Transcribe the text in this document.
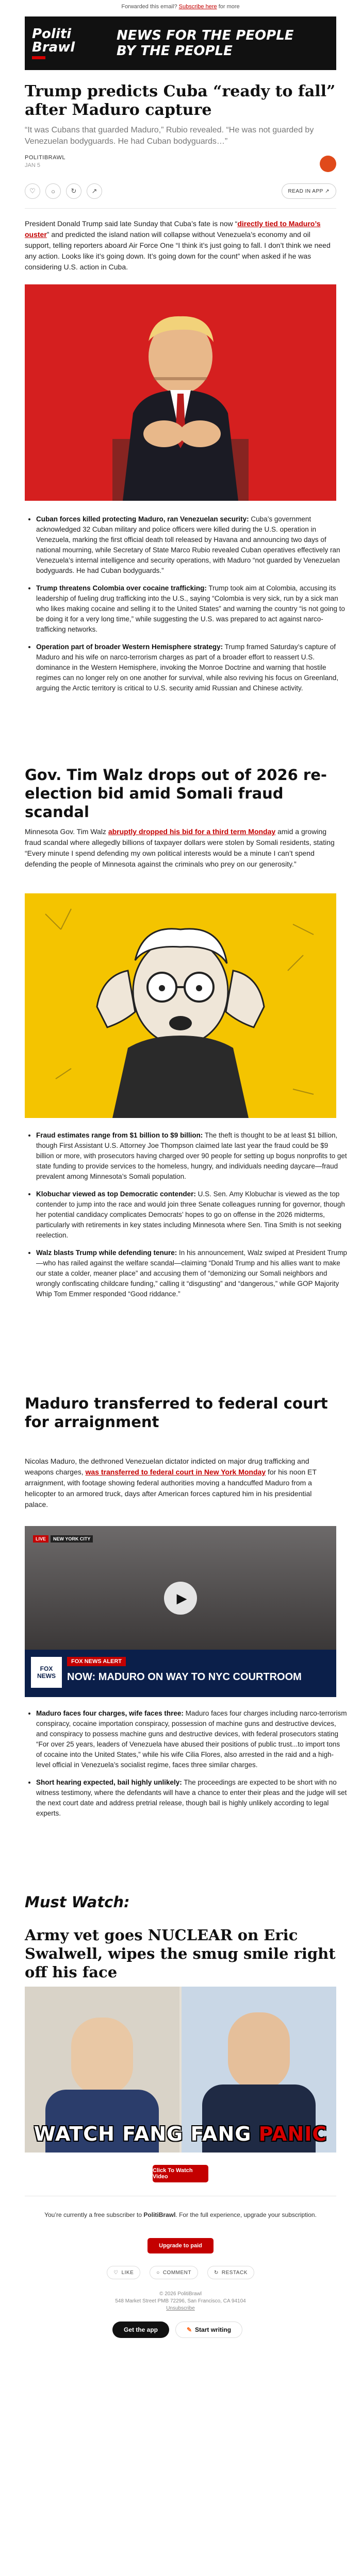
Forwarded this email? Subscribe here for more
Politi
Brawl
NEWS FOR THE PEOPLE
BY THE PEOPLE
Trump predicts Cuba “ready to fall” after Maduro capture
“It was Cubans that guarded Maduro,” Rubio revealed. “He was not guarded by Venezuelan bodyguards. He had Cuban bodyguards…”
POLITIBRAWL
JAN 5
♡	○	↻	↗	READ IN APP
↗
President Donald Trump said late Sunday that Cuba’s fate is now “directly tied to Maduro’s ouster” and predicted the island nation will collapse without Venezuela’s economy and oil support, telling reporters aboard Air Force One “I think it’s just going to fall. I don’t think we need any action. Looks like it’s going down. It’s going down for the count” when asked if he was considering U.S. action in Cuba.
• Cuban forces killed protecting Maduro, ran Venezuelan security: Cuba’s government acknowledged 32 Cuban military and police officers were killed during the U.S. operation in Venezuela, marking the first official death toll released by Havana and announcing two days of national mourning, while Secretary of State Marco Rubio revealed Cuban operatives effectively ran Venezuela’s internal intelligence and security operations, with Maduro “not guarded by Venezuelan bodyguards. He had Cuban bodyguards.”
• Trump threatens Colombia over cocaine trafficking: Trump took aim at Colombia, accusing its leadership of fueling drug trafficking into the U.S., saying “Colombia is very sick, run by a sick man who likes making cocaine and selling it to the United States” and warning the country “is not going to be doing it for a very long time,” while suggesting the U.S. was prepared to act against narco-trafficking networks.
• Operation part of broader Western Hemisphere strategy: Trump framed Saturday’s capture of Maduro and his wife on narco-terrorism charges as part of a broader effort to reassert U.S. dominance in the Western Hemisphere, invoking the Monroe Doctrine and warning that hostile regimes can no longer rely on one another for survival, while also reviving his focus on Greenland, arguing the Arctic territory is critical to U.S. security amid Russian and Chinese activity.
Gov. Tim Walz drops out of 2026 re-election bid amid Somali fraud scandal
Minnesota Gov. Tim Walz abruptly dropped his bid for a third term Monday amid a growing fraud scandal where allegedly billions of taxpayer dollars were stolen by Somali residents, stating “Every minute I spend defending my own political interests would be a minute I can’t spend defending the people of Minnesota against the criminals who prey on our generosity.”
• Fraud estimates range from $1 billion to $9 billion: The theft is thought to be at least $1 billion, though First Assistant U.S. Attorney Joe Thompson claimed late last year the fraud could be $9 billion or more, with prosecutors having charged over 90 people for setting up bogus nonprofits to get state funding to provide services to the homeless, hungry, and individuals needing daycare—fraud prevalent among Minnesota’s Somali population.
• Klobuchar viewed as top Democratic contender: U.S. Sen. Amy Klobuchar is viewed as the top contender to jump into the race and would join three Senate colleagues running for governor, though her potential candidacy complicates Democrats’ hopes to go on offense in the 2026 midterms, particularly with retirements in key states including Minnesota where Sen. Tina Smith is not seeking reelection.
• Walz blasts Trump while defending tenure: In his announcement, Walz swiped at President Trump—who has railed against the welfare scandal—claiming “Donald Trump and his allies want to make our state a colder, meaner place” and accusing them of “demonizing our Somali neighbors and wrongly confiscating childcare funding,” calling it “disgusting” and “dangerous,” while GOP Majority Whip Tom Emmer responded “Good riddance.”
Maduro transferred to federal court for arraignment
Nicolas Maduro, the dethroned Venezuelan dictator indicted on major drug trafficking and weapons charges, was transferred to federal court in New York Monday for his noon ET arraignment, with footage showing federal authorities moving a handcuffed Maduro from a helicopter to an armored truck, days after American forces captured him in his presidential palace.
LIVE	NEW YORK CITY
▶
FOX NEWS
FOX NEWS ALERT
NOW: MADURO ON WAY TO NYC COURTROOM
• Maduro faces four charges, wife faces three: Maduro faces four charges including narco-terrorism conspiracy, cocaine importation conspiracy, possession of machine guns and destructive devices, and conspiracy to possess machine guns and destructive devices, with federal prosecutors stating “For over 25 years, leaders of Venezuela have abused their positions of public trust...to import tons of cocaine into the United States,” while his wife Cilia Flores, also arrested in the raid and a high-level official in Venezuela’s socialist regime, faces three similar charges.
• Short hearing expected, bail highly unlikely: The proceedings are expected to be short with no witness testimony, where the defendants will have a chance to enter their pleas and the judge will set the next court date and address pretrial release, though bail is highly unlikely according to legal experts.
Must Watch:
Army vet goes NUCLEAR on Eric Swalwell, wipes the smug smile right off his face
WATCH FANG FANG PANIC
Click To Watch Video
You’re currently a free subscriber to PolitiBrawl. For the full experience, upgrade your subscription.
Upgrade to paid
♡ LIKE	○ COMMENT	↻ RESTACK
© 2026 PolitiBrawl
548 Market Street PMB 72296, San Francisco, CA 94104
Unsubscribe
Get the app	✎ Start writing
